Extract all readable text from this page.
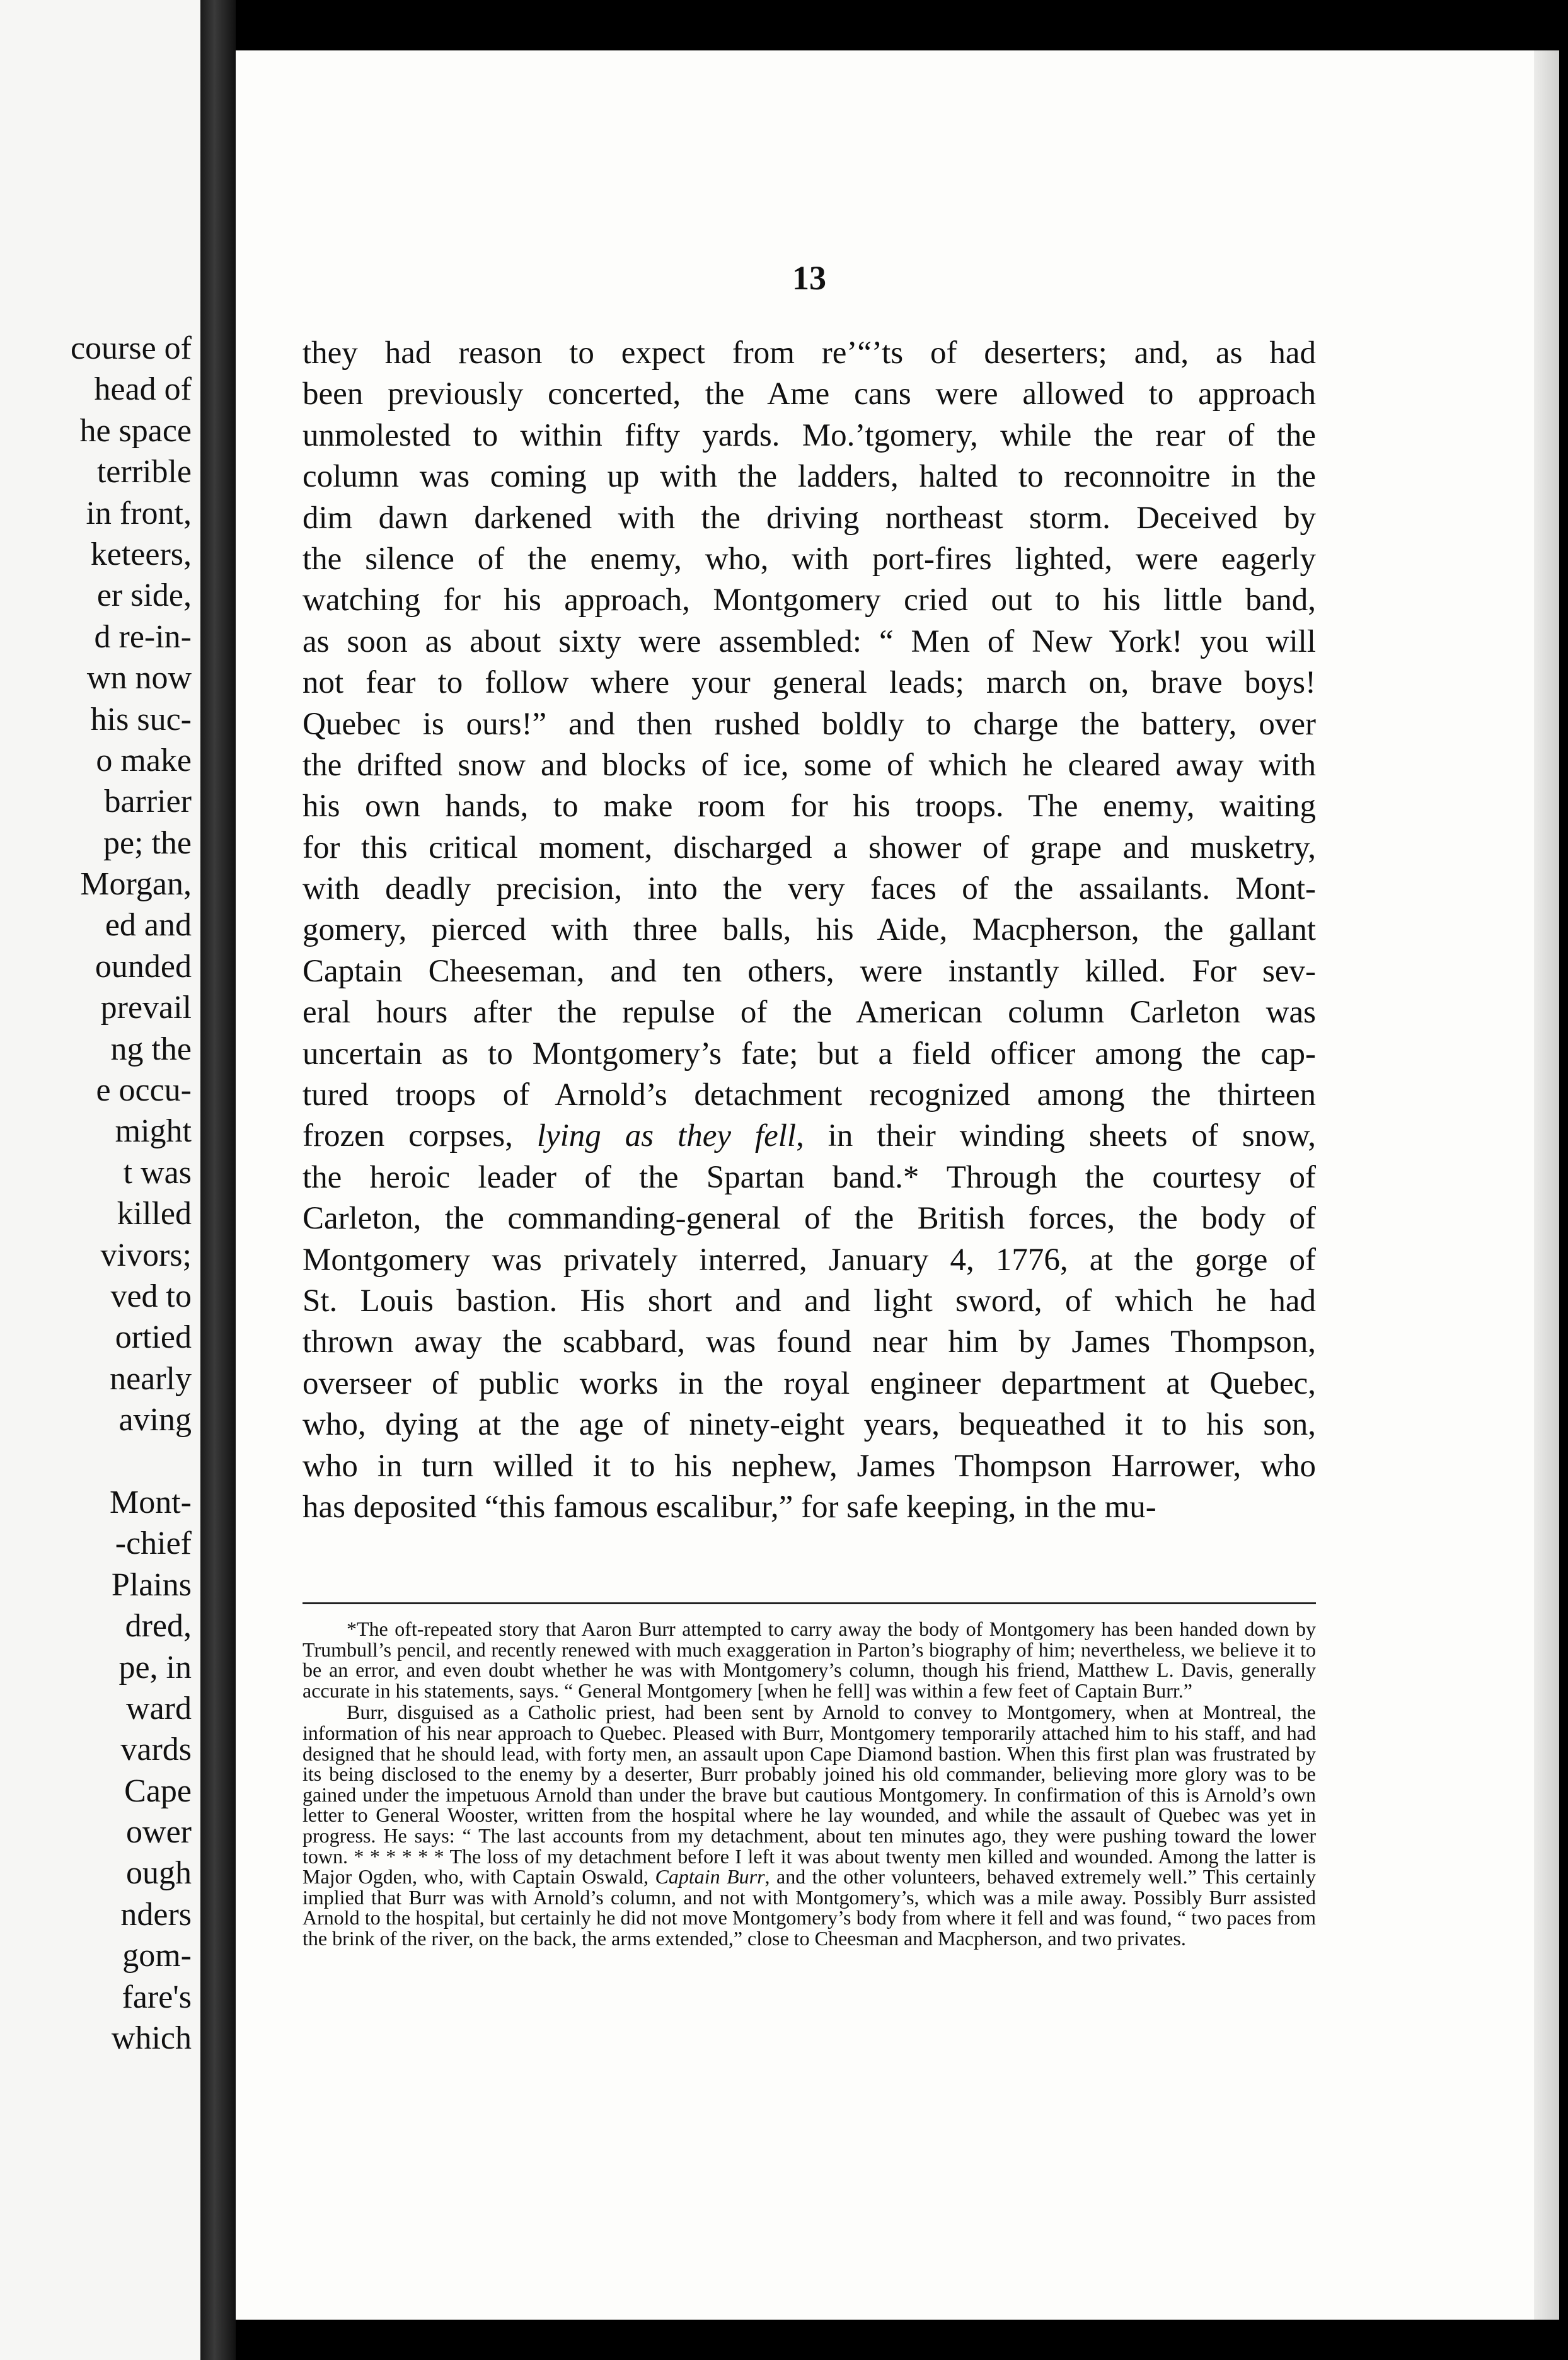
course of
head of
he space
terrible
in front,
keteers,
er side,
d re-in-
wn now
his suc-
o make
barrier
pe; the
Morgan,
ed and
ounded
prevail
ng the
e occu-
might
t was
killed
vivors;
ved to
ortied
nearly
aving
Mont-
-chief
Plains
dred,
pe, in
ward
vards
Cape
ower
ough
nders
gom-
fare's
which
13
they had reason to expect from re’“’ts of deserters; and, as had
been previously concerted, the Ame cans were allowed to approach
unmolested to within fifty yards. Mo.’tgomery, while the rear of the
column was coming up with the ladders, halted to reconnoitre in the
dim dawn darkened with the driving northeast storm. Deceived by
the silence of the enemy, who, with port-fires lighted, were eagerly
watching for his approach, Montgomery cried out to his little band,
as soon as about sixty were assembled: “ Men of New York! you will
not fear to follow where your general leads; march on, brave boys!
Quebec is ours!” and then rushed boldly to charge the battery, over
the drifted snow and blocks of ice, some of which he cleared away with
his own hands, to make room for his troops. The enemy, waiting
for this critical moment, discharged a shower of grape and musketry,
with deadly precision, into the very faces of the assailants. Mont-
gomery, pierced with three balls, his Aide, Macpherson, the gallant
Captain Cheeseman, and ten others, were instantly killed. For sev-
eral hours after the repulse of the American column Carleton was
uncertain as to Montgomery’s fate; but a field officer among the cap-
tured troops of Arnold’s detachment recognized among the thirteen
frozen corpses, lying as they fell, in their winding sheets of snow,
the heroic leader of the Spartan band.* Through the courtesy of
Carleton, the commanding-general of the British forces, the body of
Montgomery was privately interred, January 4, 1776, at the gorge of
St. Louis bastion. His short and and light sword, of which he had
thrown away the scabbard, was found near him by James Thompson,
overseer of public works in the royal engineer department at Quebec,
who, dying at the age of ninety-eight years, bequeathed it to his son,
who in turn willed it to his nephew, James Thompson Harrower, who
has deposited “this famous escalibur,” for safe keeping, in the mu-

*The oft-repeated story that Aaron Burr attempted to carry away the body of Montgomery has been handed down by Trumbull’s pencil, and recently renewed with much exaggeration in Parton’s biography of him; nevertheless, we believe it to be an error, and even doubt whether he was with Montgomery’s column, though his friend, Matthew L. Davis, generally accurate in his statements, says. “ General Montgomery [when he fell] was within a few feet of Captain Burr.”

Burr, disguised as a Catholic priest, had been sent by Arnold to convey to Montgomery, when at Montreal, the information of his near approach to Quebec. Pleased with Burr, Montgomery temporarily attached him to his staff, and had designed that he should lead, with forty men, an assault upon Cape Diamond bastion. When this first plan was frustrated by its being disclosed to the enemy by a deserter, Burr probably joined his old commander, believing more glory was to be gained under the impetuous Arnold than under the brave but cautious Montgomery. In confirmation of this is Arnold’s own letter to General Wooster, written from the hospital where he lay wounded, and while the assault of Quebec was yet in progress. He says: “ The last accounts from my detachment, about ten minutes ago, they were pushing toward the lower town. * * * * * * The loss of my detachment before I left it was about twenty men killed and wounded. Among the latter is Major Ogden, who, with Captain Oswald, Captain Burr, and the other volunteers, behaved extremely well.” This certainly implied that Burr was with Arnold’s column, and not with Montgomery’s, which was a mile away. Possibly Burr assisted Arnold to the hospital, but certainly he did not move Montgomery’s body from where it fell and was found, “ two paces from the brink of the river, on the back, the arms extended,” close to Cheesman and Macpherson, and two privates.
